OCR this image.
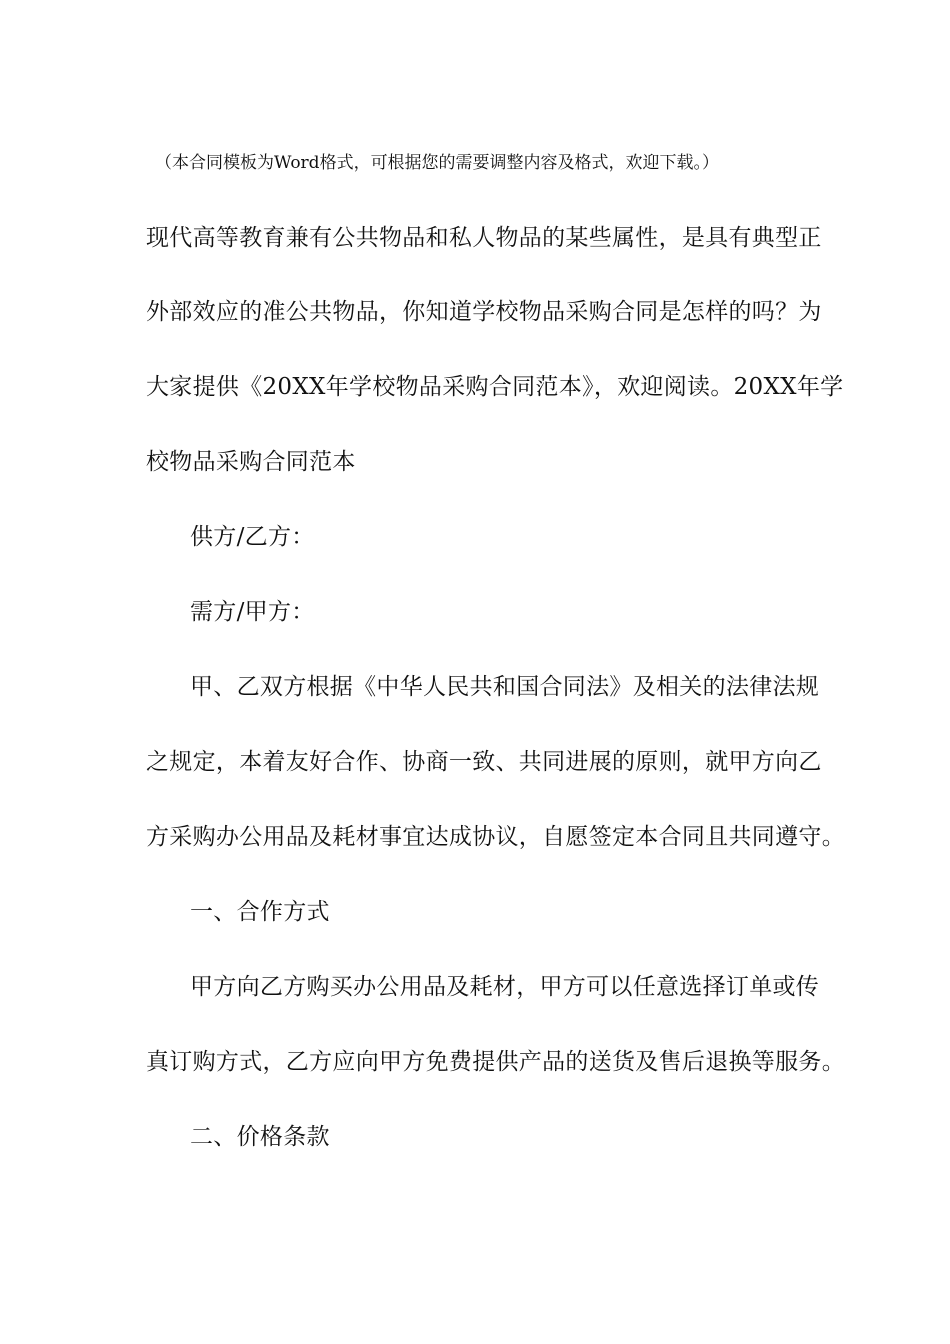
（本合同模板为Word格式，可根据您的需要调整内容及格式，欢迎下载。）
现代高等教育兼有公共物品和私人物品的某些属性，是具有典型正
外部效应的准公共物品，你知道学校物品采购合同是怎样的吗？为
大家提供《20XX年学校物品采购合同范本》，欢迎阅读。20XX年学
校物品采购合同范本
供方/乙方：
需方/甲方：
甲、乙双方根据《中华人民共和国合同法》及相关的法律法规
之规定，本着友好合作、协商一致、共同进展的原则，就甲方向乙
方采购办公用品及耗材事宜达成协议，自愿签定本合同且共同遵守。
一、合作方式
甲方向乙方购买办公用品及耗材，甲方可以任意选择订单或传
真订购方式，乙方应向甲方免费提供产品的送货及售后退换等服务。
二、价格条款
